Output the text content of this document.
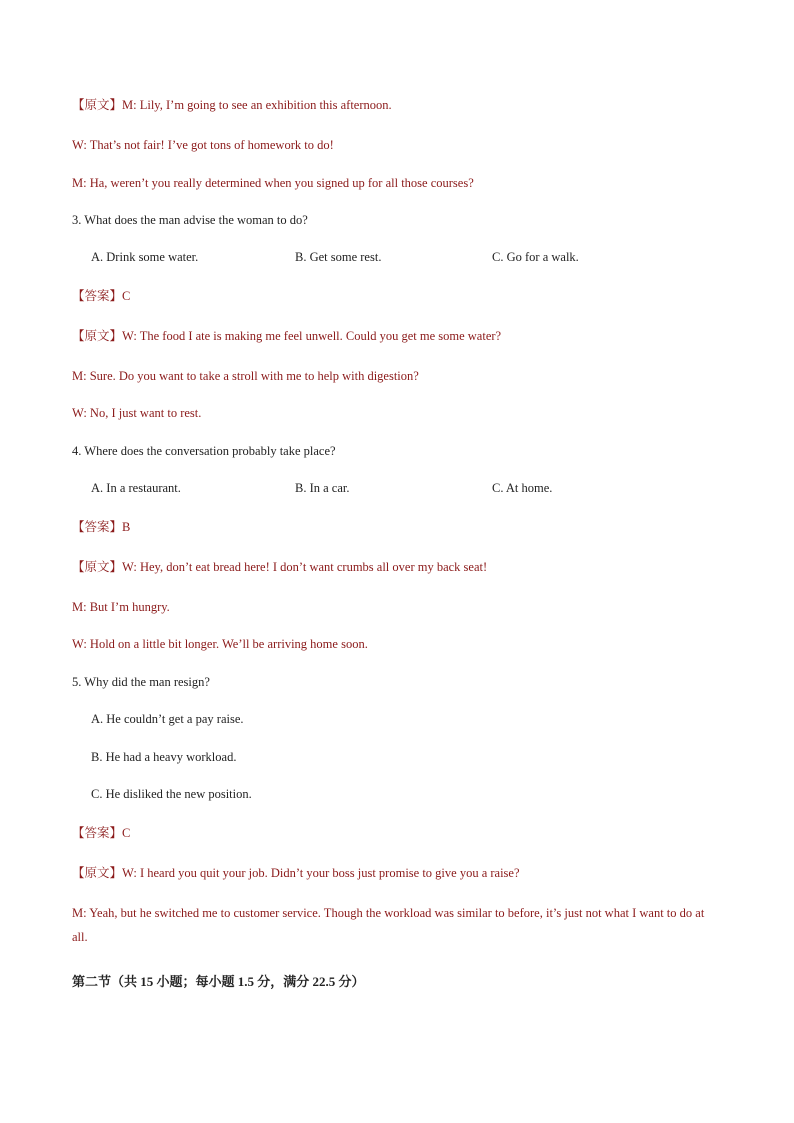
【原文】M: Lily, I’m going to see an exhibition this afternoon.
W: That’s not fair! I’ve got tons of homework to do!
M: Ha, weren’t you really determined when you signed up for all those courses?
3. What does the man advise the woman to do?
A. Drink some water.	B. Get some rest.	C. Go for a walk.
【答案】C
【原文】W: The food I ate is making me feel unwell. Could you get me some water?
M: Sure. Do you want to take a stroll with me to help with digestion?
W: No, I just want to rest.
4. Where does the conversation probably take place?
A. In a restaurant.	B. In a car.	C. At home.
【答案】B
【原文】W: Hey, don’t eat bread here! I don’t want crumbs all over my back seat!
M: But I’m hungry.
W: Hold on a little bit longer. We’ll be arriving home soon.
5. Why did the man resign?
A. He couldn’t get a pay raise.
B. He had a heavy workload.
C. He disliked the new position.
【答案】C
【原文】W: I heard you quit your job. Didn’t your boss just promise to give you a raise?
M: Yeah, but he switched me to customer service. Though the workload was similar to before, it’s just not what I want to do at all.
第二节（共 15 小题；每小题 1.5 分，满分 22.5 分）
